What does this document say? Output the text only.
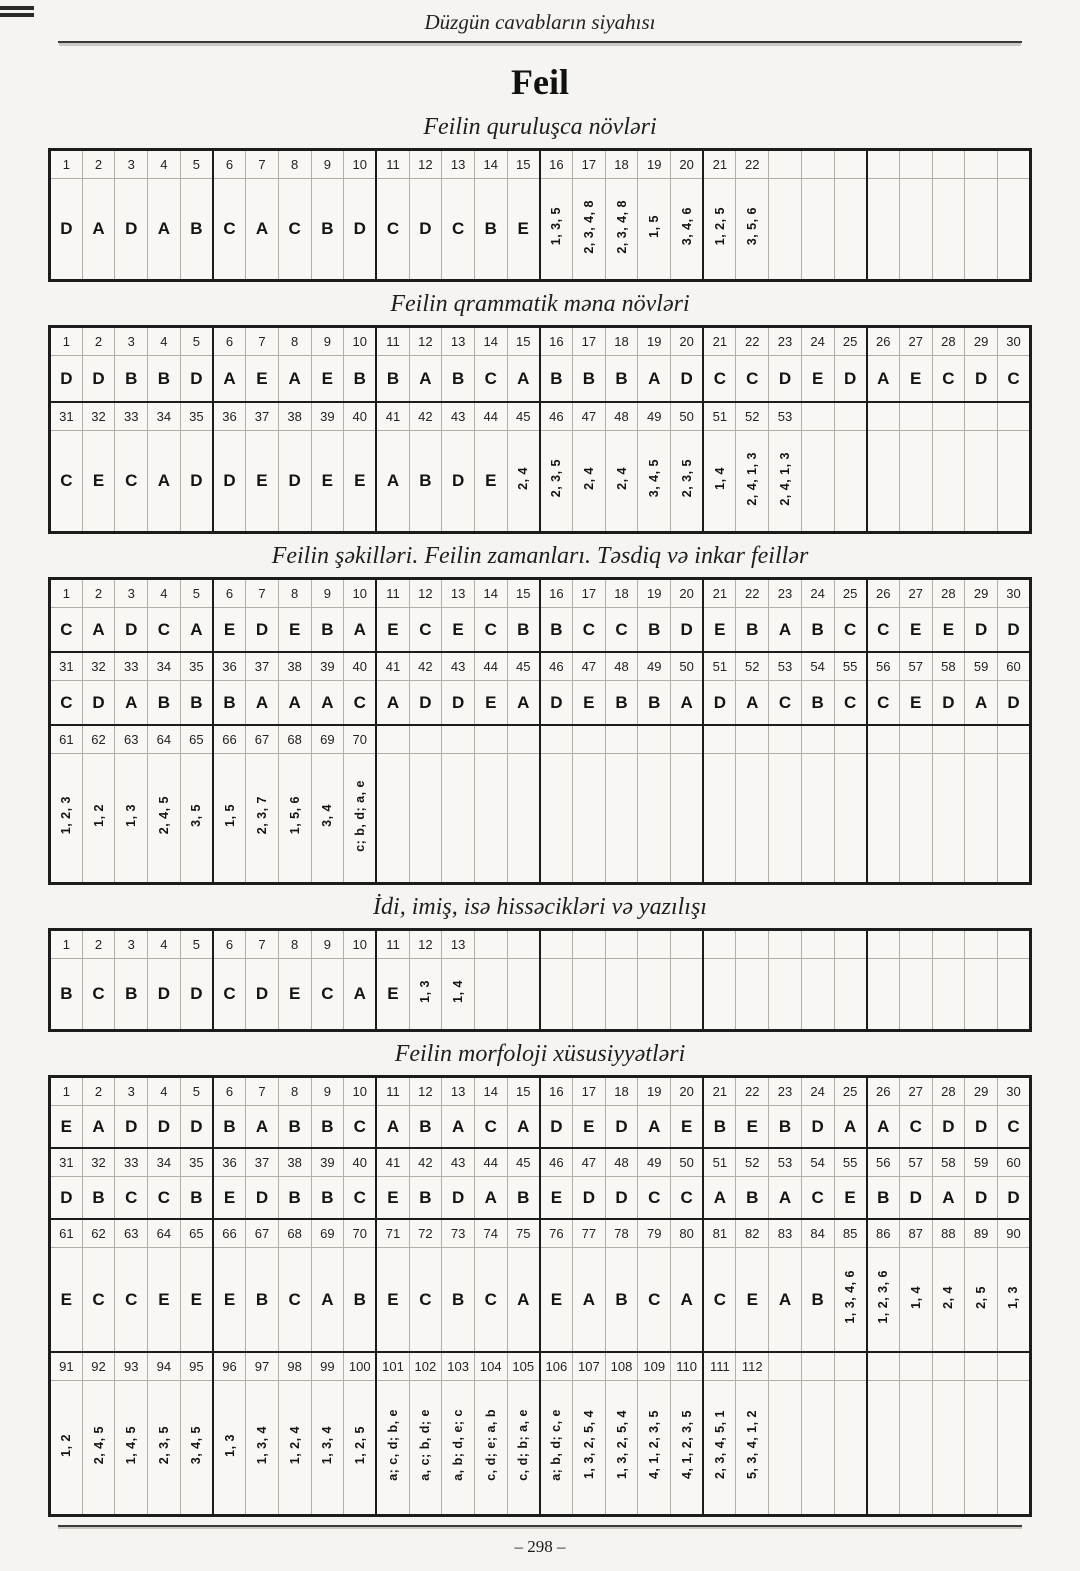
Düzgün cavabların siyahısı
Feil
Feilin quruluşca növləri
1	2	3	4	5	6	7	8	9	10	11	12	13	14	15	16	17	18	19	20	21	22								
D	A	D	A	B	C	A	C	B	D	C	D	C	B	E	1, 3, 5	2, 3, 4, 8	2, 3, 4, 8	1, 5	3, 4, 6	1, 2, 5	3, 5, 6								
Feilin qrammatik məna növləri
1	2	3	4	5	6	7	8	9	10	11	12	13	14	15	16	17	18	19	20	21	22	23	24	25	26	27	28	29	30
D	D	B	B	D	A	E	A	E	B	B	A	B	C	A	B	B	B	A	D	C	C	D	E	D	A	E	C	D	C
31	32	33	34	35	36	37	38	39	40	41	42	43	44	45	46	47	48	49	50	51	52	53							
C	E	C	A	D	D	E	D	E	E	A	B	D	E	2, 4	2, 3, 5	2, 4	2, 4	3, 4, 5	2, 3, 5	1, 4	2, 4, 1, 3	2, 4, 1, 3							
Feilin şəkilləri. Feilin zamanları. Təsdiq və inkar feillər
1	2	3	4	5	6	7	8	9	10	11	12	13	14	15	16	17	18	19	20	21	22	23	24	25	26	27	28	29	30
C	A	D	C	A	E	D	E	B	A	E	C	E	C	B	B	C	C	B	D	E	B	A	B	C	C	E	E	D	D
31	32	33	34	35	36	37	38	39	40	41	42	43	44	45	46	47	48	49	50	51	52	53	54	55	56	57	58	59	60
C	D	A	B	B	B	A	A	A	C	A	D	D	E	A	D	E	B	B	A	D	A	C	B	C	C	E	D	A	D
61	62	63	64	65	66	67	68	69	70																				
1, 2, 3	1, 2	1, 3	2, 4, 5	3, 5	1, 5	2, 3, 7	1, 5, 6	3, 4	c; b, d; a, e																				
İdi, imiş, isə hissəcikləri və yazılışı
1	2	3	4	5	6	7	8	9	10	11	12	13																	
B	C	B	D	D	C	D	E	C	A	E	1, 3	1, 4																	
Feilin morfoloji xüsusiyyətləri
1	2	3	4	5	6	7	8	9	10	11	12	13	14	15	16	17	18	19	20	21	22	23	24	25	26	27	28	29	30
E	A	D	D	D	B	A	B	B	C	A	B	A	C	A	D	E	D	A	E	B	E	B	D	A	A	C	D	D	C
31	32	33	34	35	36	37	38	39	40	41	42	43	44	45	46	47	48	49	50	51	52	53	54	55	56	57	58	59	60
D	B	C	C	B	E	D	B	B	C	E	B	D	A	B	E	D	D	C	C	A	B	A	C	E	B	D	A	D	D
61	62	63	64	65	66	67	68	69	70	71	72	73	74	75	76	77	78	79	80	81	82	83	84	85	86	87	88	89	90
E	C	C	E	E	E	B	C	A	B	E	C	B	C	A	E	A	B	C	A	C	E	A	B	1, 3, 4, 6	1, 2, 3, 6	1, 4	2, 4	2, 5	1, 3
91	92	93	94	95	96	97	98	99	100	101	102	103	104	105	106	107	108	109	110	111	112								
1, 2	2, 4, 5	1, 4, 5	2, 3, 5	3, 4, 5	1, 3	1, 3, 4	1, 2, 4	1, 3, 4	1, 2, 5	a; c, d; b, e	a, c; b, d; e	a, b; d, e; c	c, d; e; a, b	c, d; b; a, e	a; b, d; c, e	1, 3, 2, 5, 4	1, 3, 2, 5, 4	4, 1, 2, 3, 5	4, 1, 2, 3, 5	2, 3, 4, 5, 1	5, 3, 4, 1, 2								
– 298 –
